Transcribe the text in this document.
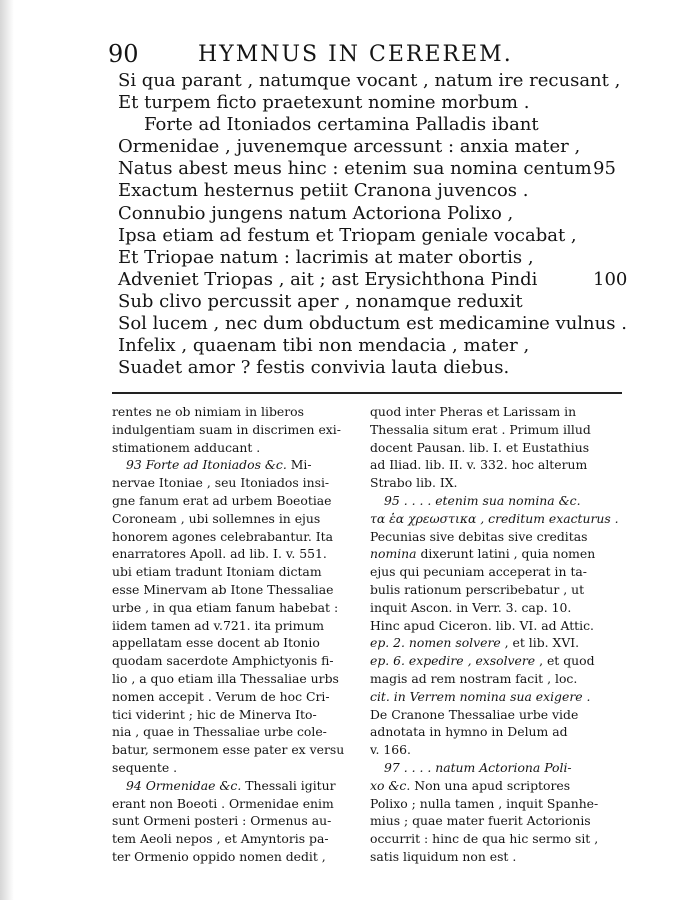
90	HYMNUS IN CEREREM.
Si qua parant , natumque vocant , natum ire recusant ,
Et turpem ficto praetexunt nomine morbum .
Forte ad Itoniados certamina Palladis ibant
Ormenidae , juvenemque arcessunt : anxia mater ,
Natus abest meus hinc : etenim sua nomina centum 95
Exactum hesternus petiit Cranona juvencos .
Connubio jungens natum Actoriona Polixo ,
Ipsa etiam ad festum et Triopam geniale vocabat ,
Et Triopae natum : lacrimis at mater obortis ,
Adveniet Triopas , ait ; ast Erysichthona Pindi	100
Sub clivo percussit aper , nonamque reduxit
Sol lucem , nec dum obductum est medicamine vulnus .
Infelix , quaenam tibi non mendacia , mater ,
Suadet amor ? festis convivia lauta diebus.
rentes ne ob nimiam in liberos
indulgentiam suam in discrimen exi-
stimationem adducant .
93 Forte ad Itoniados &c. Mi-
nervae Itoniae , seu Itoniados insi-
gne fanum erat ad urbem Boeotiae
Coroneam , ubi sollemnes in ejus
honorem agones celebrabantur. Ita
enarratores Apoll. ad lib. I. v. 551.
ubi etiam tradunt Itoniam dictam
esse Minervam ab Itone Thessaliae
urbe , in qua etiam fanum habebat :
iidem tamen ad v.721. ita primum
appellatam esse docent ab Itonio
quodam sacerdote Amphictyonis fi-
lio , a quo etiam illa Thessaliae urbs
nomen accepit . Verum de hoc Cri-
tici viderint ; hic de Minerva Ito-
nia , quae in Thessaliae urbe cole-
batur, sermonem esse pater ex versu
sequente .
94 Ormenidae &c. Thessali igitur
erant non Boeoti . Ormenidae enim
sunt Ormeni posteri : Ormenus au-
tem Aeoli nepos , et Amyntoris pa-
ter Ormenio oppido nomen dedit ,
quod inter Pheras et Larissam in
Thessalia situm erat . Primum illud
docent Pausan. lib. I. et Eustathius
ad Iliad. lib. II. v. 332. hoc alterum
Strabo lib. IX.
95 . . . . etenim sua nomina &c.
τα ἑα χρεωστικα , creditum exacturus .
Pecunias sive debitas sive creditas
nomina dixerunt latini , quia nomen
ejus qui pecuniam acceperat in ta-
bulis rationum perscribebatur , ut
inquit Ascon. in Verr. 3. cap. 10.
Hinc apud Ciceron. lib. VI. ad Attic.
ep. 2. nomen solvere , et lib. XVI.
ep. 6. expedire , exsolvere , et quod
magis ad rem nostram facit , loc.
cit. in Verrem nomina sua exigere .
De Cranone Thessaliae urbe vide
adnotata in hymno in Delum ad
v. 166.
97 . . . . natum Actoriona Poli-
xo &c. Non una apud scriptores
Polixo ; nulla tamen , inquit Spanhe-
mius ; quae mater fuerit Actorionis
occurrit : hinc de qua hic sermo sit ,
satis liquidum non est .
